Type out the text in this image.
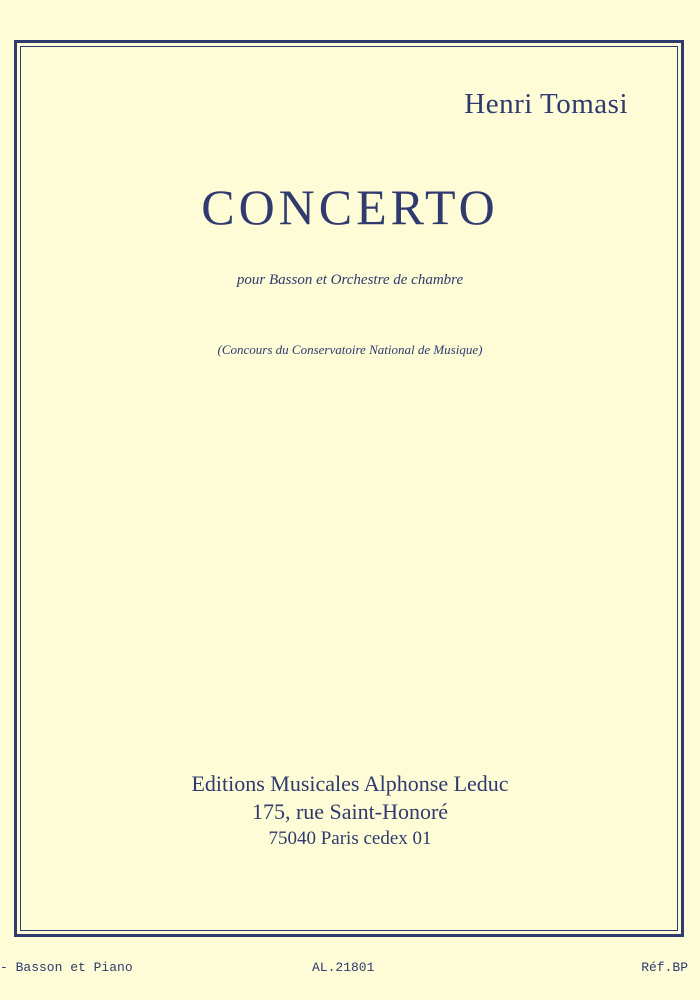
Henri Tomasi
CONCERTO
pour Basson et Orchestre de chambre
(Concours du Conservatoire National de Musique)
Editions Musicales Alphonse Leduc
175, rue Saint-Honoré
75040 Paris cedex 01
- Basson et Piano	AL.21801	Réf.BP
